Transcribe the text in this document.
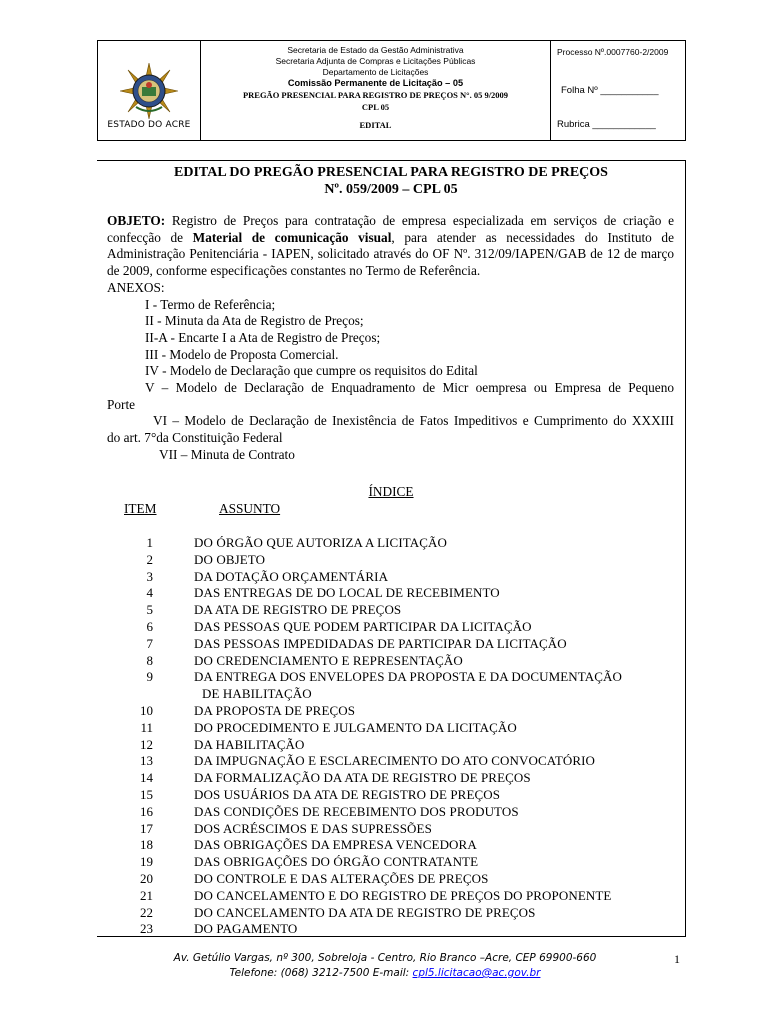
ESTADO DO ACRE
Secretaria de Estado da Gestão Administrativa
Secretaria Adjunta de Compras e Licitações Públicas
Departamento de Licitações
Comissão Permanente de Licitação – 05
PREGÃO PRESENCIAL PARA REGISTRO DE PREÇOS N°. 05 9/2009
CPL 05
EDITAL
Processo Nº.0007760-2/2009
Folha Nº ___________
Rubrica ____________
EDITAL DO PREGÃO PRESENCIAL PARA REGISTRO DE PREÇOS
Nº. 059/2009 – CPL 05

OBJETO: Registro de Preços para contratação de empresa especializada em serviços de criação e confecção de Material de comunicação visual, para atender as necessidades do Instituto de Administração Penitenciária - IAPEN, solicitado através do OF Nº. 312/09/IAPEN/GAB de 12 de março de 2009, conforme especificações constantes no Termo de Referência.

ANEXOS:

I - Termo de Referência;

II - Minuta da Ata de Registro de Preços;

II-A - Encarte I a Ata de Registro de Preços;

III - Modelo de Proposta Comercial.

IV - Modelo de Declaração que cumpre os requisitos do Edital

V – Modelo de Declaração de Enquadramento de Micr oempresa ou Empresa de Pequeno

Porte

VI – Modelo de Declaração de Inexistência de Fatos Impeditivos e Cumprimento do XXXIII

do art. 7°da Constituição Federal

VII – Minuta de Contrato

ÍNDICE
ITEM	ASSUNTO
1	DO ÓRGÃO QUE AUTORIZA A LICITAÇÃO
2	DO OBJETO
3	DA DOTAÇÃO ORÇAMENTÁRIA
4	DAS ENTREGAS DE DO LOCAL DE RECEBIMENTO
5	DA ATA DE REGISTRO DE PREÇOS
6	DAS PESSOAS QUE PODEM PARTICIPAR DA LICITAÇÃO
7	DAS PESSOAS IMPEDIDADAS DE PARTICIPAR DA LICITAÇÃO
8	DO CREDENCIAMENTO E REPRESENTAÇÃO
9	DA ENTREGA DOS ENVELOPES DA PROPOSTA E DA DOCUMENTAÇÃO
DE HABILITAÇÃO
10	DA PROPOSTA DE PREÇOS
11	DO PROCEDIMENTO E JULGAMENTO DA LICITAÇÃO
12	DA HABILITAÇÃO
13	DA IMPUGNAÇÃO E ESCLARECIMENTO DO ATO CONVOCATÓRIO
14	DA FORMALIZAÇÃO DA ATA DE REGISTRO DE PREÇOS
15	DOS USUÁRIOS DA ATA DE REGISTRO DE PREÇOS
16	DAS CONDIÇÕES DE RECEBIMENTO DOS PRODUTOS
17	DOS ACRÉSCIMOS E DAS SUPRESSÕES
18	DAS OBRIGAÇÕES DA EMPRESA VENCEDORA
19	DAS OBRIGAÇÕES DO ÓRGÃO CONTRATANTE
20	DO CONTROLE E DAS ALTERAÇÕES DE PREÇOS
21	DO CANCELAMENTO E DO REGISTRO DE PREÇOS DO PROPONENTE
22	DO CANCELAMENTO DA ATA DE REGISTRO DE PREÇOS
23	DO PAGAMENTO
Av. Getúlio Vargas, nº 300, Sobreloja - Centro, Rio Branco –Acre, CEP 69900-660
Telefone: (068) 3212-7500 E-mail: cpl5.licitacao@ac.gov.br
1
